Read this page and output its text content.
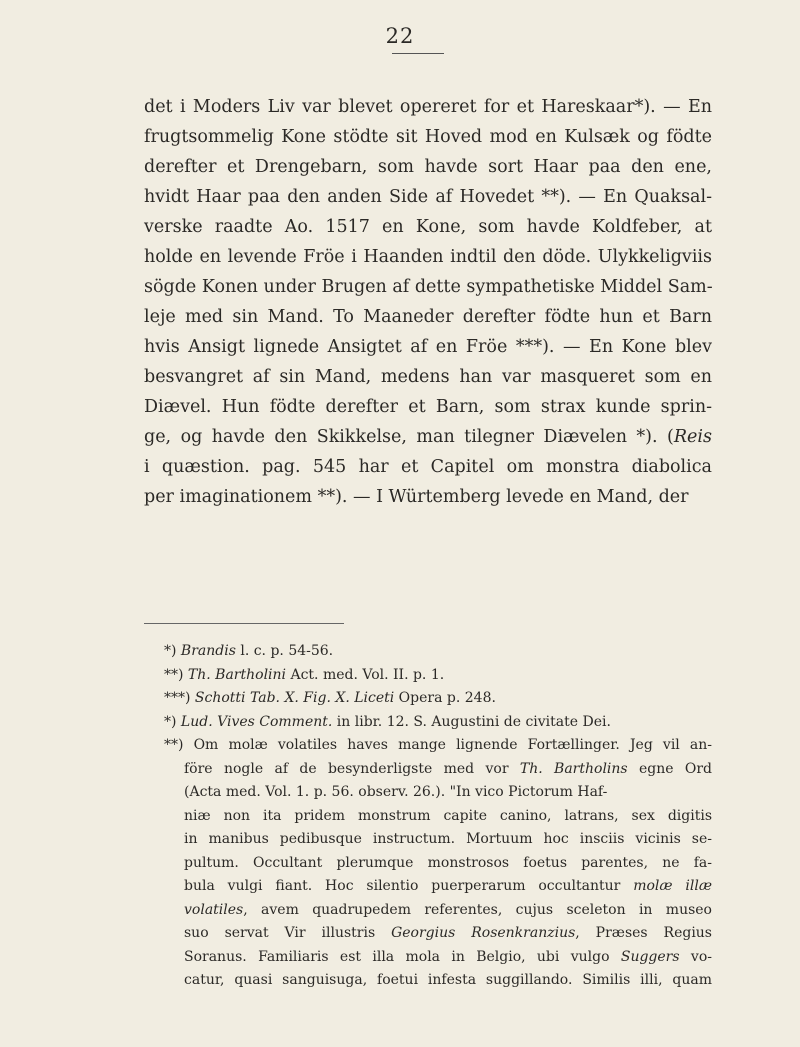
22
det i Moders Liv var blevet opereret for et Hareskaar*). — En
frugtsommelig Kone stödte sit Hoved mod en Kulsæk og födte
derefter et Drengebarn, som havde sort Haar paa den ene,
hvidt Haar paa den anden Side af Hovedet **). — En Quaksal-
verske raadte Ao. 1517 en Kone, som havde Koldfeber, at
holde en levende Fröe i Haanden indtil den döde. Ulykkeligviis
sögde Konen under Brugen af dette sympathetiske Middel Sam-
leje med sin Mand. To Maaneder derefter födte hun et Barn
hvis Ansigt lignede Ansigtet af en Fröe ***). — En Kone blev
besvangret af sin Mand, medens han var masqueret som en
Diævel. Hun födte derefter et Barn, som strax kunde sprin-
ge, og havde den Skikkelse, man tilegner Diævelen *). (Reis
i quæstion. pag. 545 har et Capitel om monstra diabolica
per imaginationem **). — I Würtemberg levede en Mand, der
*) Brandis l. c. p. 54-56.
**) Th. Bartholini Act. med. Vol. II. p. 1.
***) Schotti Tab. X. Fig. X. Liceti Opera p. 248.
*) Lud. Vives Comment. in libr. 12. S. Augustini de civitate Dei.
**) Om molæ volatiles haves mange lignende Fortællinger. Jeg vil an-
före nogle af de besynderligste med vor Th. Bartholins egne Ord
(Acta med. Vol. 1. p. 56. observ. 26.). "In vico Pictorum Haf-
niæ non ita pridem monstrum capite canino, latrans, sex digitis
in manibus pedibusque instructum. Mortuum hoc insciis vicinis se-
pultum. Occultant plerumque monstrosos foetus parentes, ne fa-
bula vulgi fiant. Hoc silentio puerperarum occultantur molæ illæ
volatiles, avem quadrupedem referentes, cujus sceleton in museo
suo servat Vir illustris Georgius Rosenkranzius, Præses Regius
Soranus. Familiaris est illa mola in Belgio, ubi vulgo Suggers vo-
catur, quasi sanguisuga, foetui infesta suggillando. Similis illi, quam
